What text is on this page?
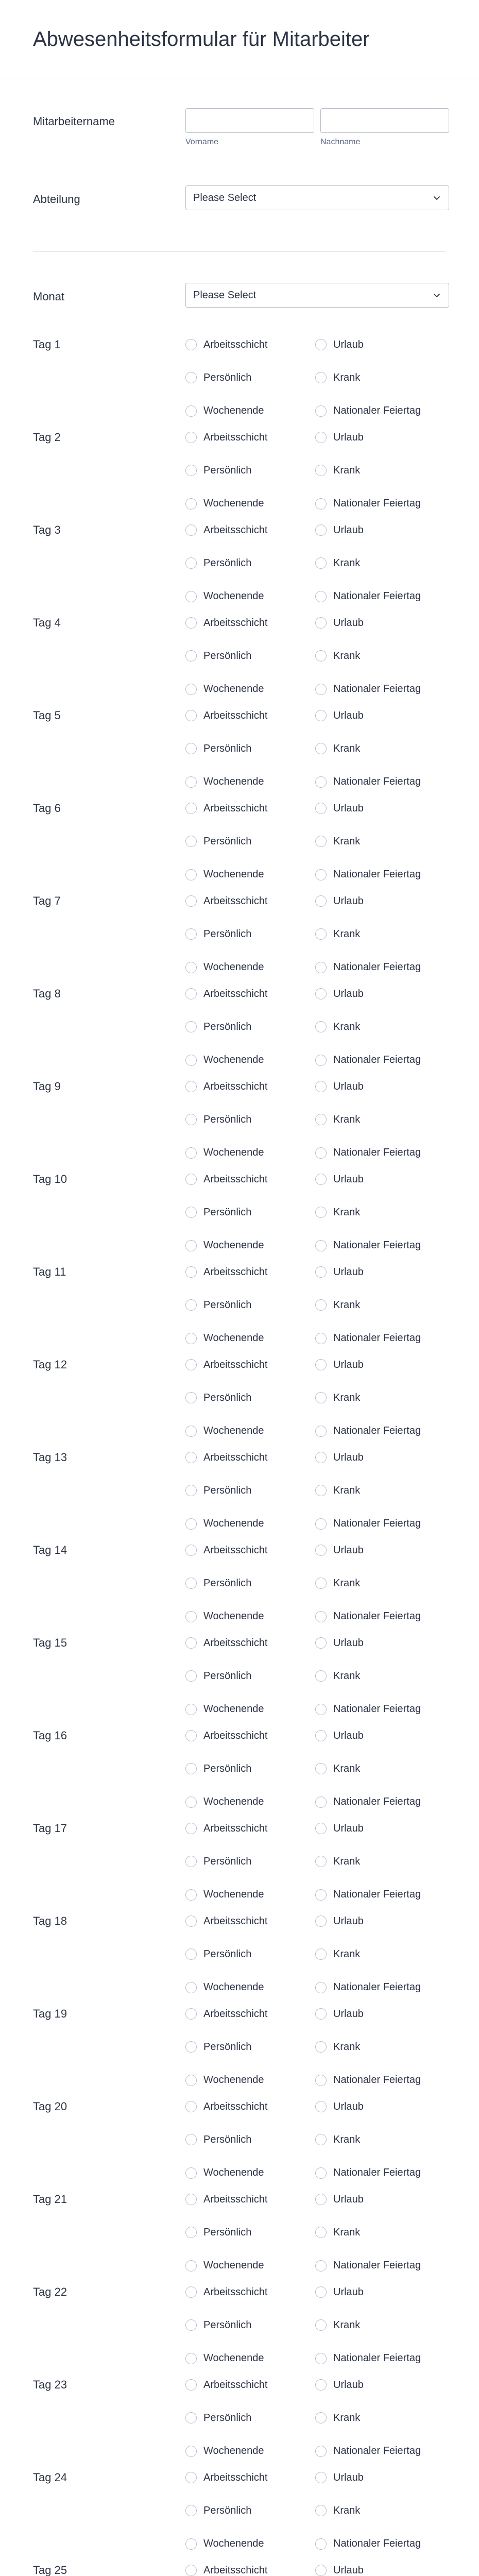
Abwesenheitsformular für Mitarbeiter
Mitarbeitername
Vorname	Nachname
Abteilung	Please Select
Monat	Please Select
Tag 1	Arbeitsschicht	Urlaub
Persönlich	Krank
Wochenende	Nationaler Feiertag
Tag 2	Arbeitsschicht	Urlaub
Persönlich	Krank
Wochenende	Nationaler Feiertag
Tag 3	Arbeitsschicht	Urlaub
Persönlich	Krank
Wochenende	Nationaler Feiertag
Tag 4	Arbeitsschicht	Urlaub
Persönlich	Krank
Wochenende	Nationaler Feiertag
Tag 5	Arbeitsschicht	Urlaub
Persönlich	Krank
Wochenende	Nationaler Feiertag
Tag 6	Arbeitsschicht	Urlaub
Persönlich	Krank
Wochenende	Nationaler Feiertag
Tag 7	Arbeitsschicht	Urlaub
Persönlich	Krank
Wochenende	Nationaler Feiertag
Tag 8	Arbeitsschicht	Urlaub
Persönlich	Krank
Wochenende	Nationaler Feiertag
Tag 9	Arbeitsschicht	Urlaub
Persönlich	Krank
Wochenende	Nationaler Feiertag
Tag 10	Arbeitsschicht	Urlaub
Persönlich	Krank
Wochenende	Nationaler Feiertag
Tag 11	Arbeitsschicht	Urlaub
Persönlich	Krank
Wochenende	Nationaler Feiertag
Tag 12	Arbeitsschicht	Urlaub
Persönlich	Krank
Wochenende	Nationaler Feiertag
Tag 13	Arbeitsschicht	Urlaub
Persönlich	Krank
Wochenende	Nationaler Feiertag
Tag 14	Arbeitsschicht	Urlaub
Persönlich	Krank
Wochenende	Nationaler Feiertag
Tag 15	Arbeitsschicht	Urlaub
Persönlich	Krank
Wochenende	Nationaler Feiertag
Tag 16	Arbeitsschicht	Urlaub
Persönlich	Krank
Wochenende	Nationaler Feiertag
Tag 17	Arbeitsschicht	Urlaub
Persönlich	Krank
Wochenende	Nationaler Feiertag
Tag 18	Arbeitsschicht	Urlaub
Persönlich	Krank
Wochenende	Nationaler Feiertag
Tag 19	Arbeitsschicht	Urlaub
Persönlich	Krank
Wochenende	Nationaler Feiertag
Tag 20	Arbeitsschicht	Urlaub
Persönlich	Krank
Wochenende	Nationaler Feiertag
Tag 21	Arbeitsschicht	Urlaub
Persönlich	Krank
Wochenende	Nationaler Feiertag
Tag 22	Arbeitsschicht	Urlaub
Persönlich	Krank
Wochenende	Nationaler Feiertag
Tag 23	Arbeitsschicht	Urlaub
Persönlich	Krank
Wochenende	Nationaler Feiertag
Tag 24	Arbeitsschicht	Urlaub
Persönlich	Krank
Wochenende	Nationaler Feiertag
Tag 25	Arbeitsschicht	Urlaub
